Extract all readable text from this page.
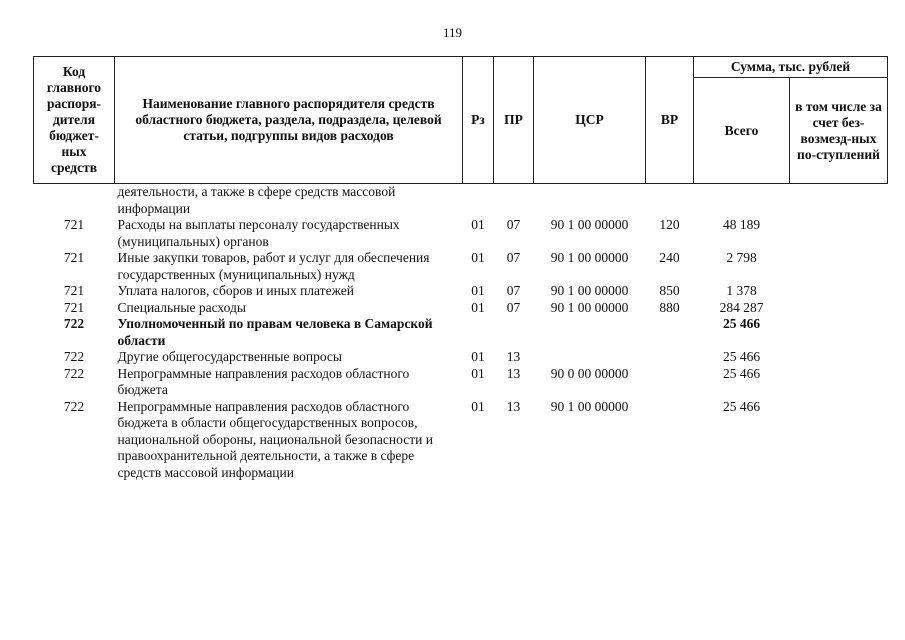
119
Код главного распоря-дителя бюджет-ных средств	Наименование главного распорядителя средств областного бюджета, раздела, подраздела, целевой статьи, подгруппы видов расходов	Рз	ПР	ЦСР	ВР	Сумма, тыс. рублей	
						Всего	в том числе за счет без-возмезд-ных по-ступлений
	деятельности, а также в сфере средств массовой информации						
721	Расходы на выплаты персоналу государственных (муниципальных) органов	01	07	90 1 00 00000	120	48 189	
721	Иные закупки товаров, работ и услуг для обеспечения государственных (муниципальных) нужд	01	07	90 1 00 00000	240	2 798	
721	Уплата налогов, сборов и иных платежей	01	07	90 1 00 00000	850	1 378	
721	Специальные расходы	01	07	90 1 00 00000	880	284 287	
722	Уполномоченный по правам человека в Самарской области					25 466	
722	Другие общегосударственные вопросы	01	13			25 466	
722	Непрограммные направления расходов областного бюджета	01	13	90 0 00 00000		25 466	
722	Непрограммные направления расходов областного бюджета в области общегосударственных вопросов, национальной обороны, национальной безопасности и правоохранительной деятельности, а также в сфере средств массовой информации	01	13	90 1 00 00000		25 466	
